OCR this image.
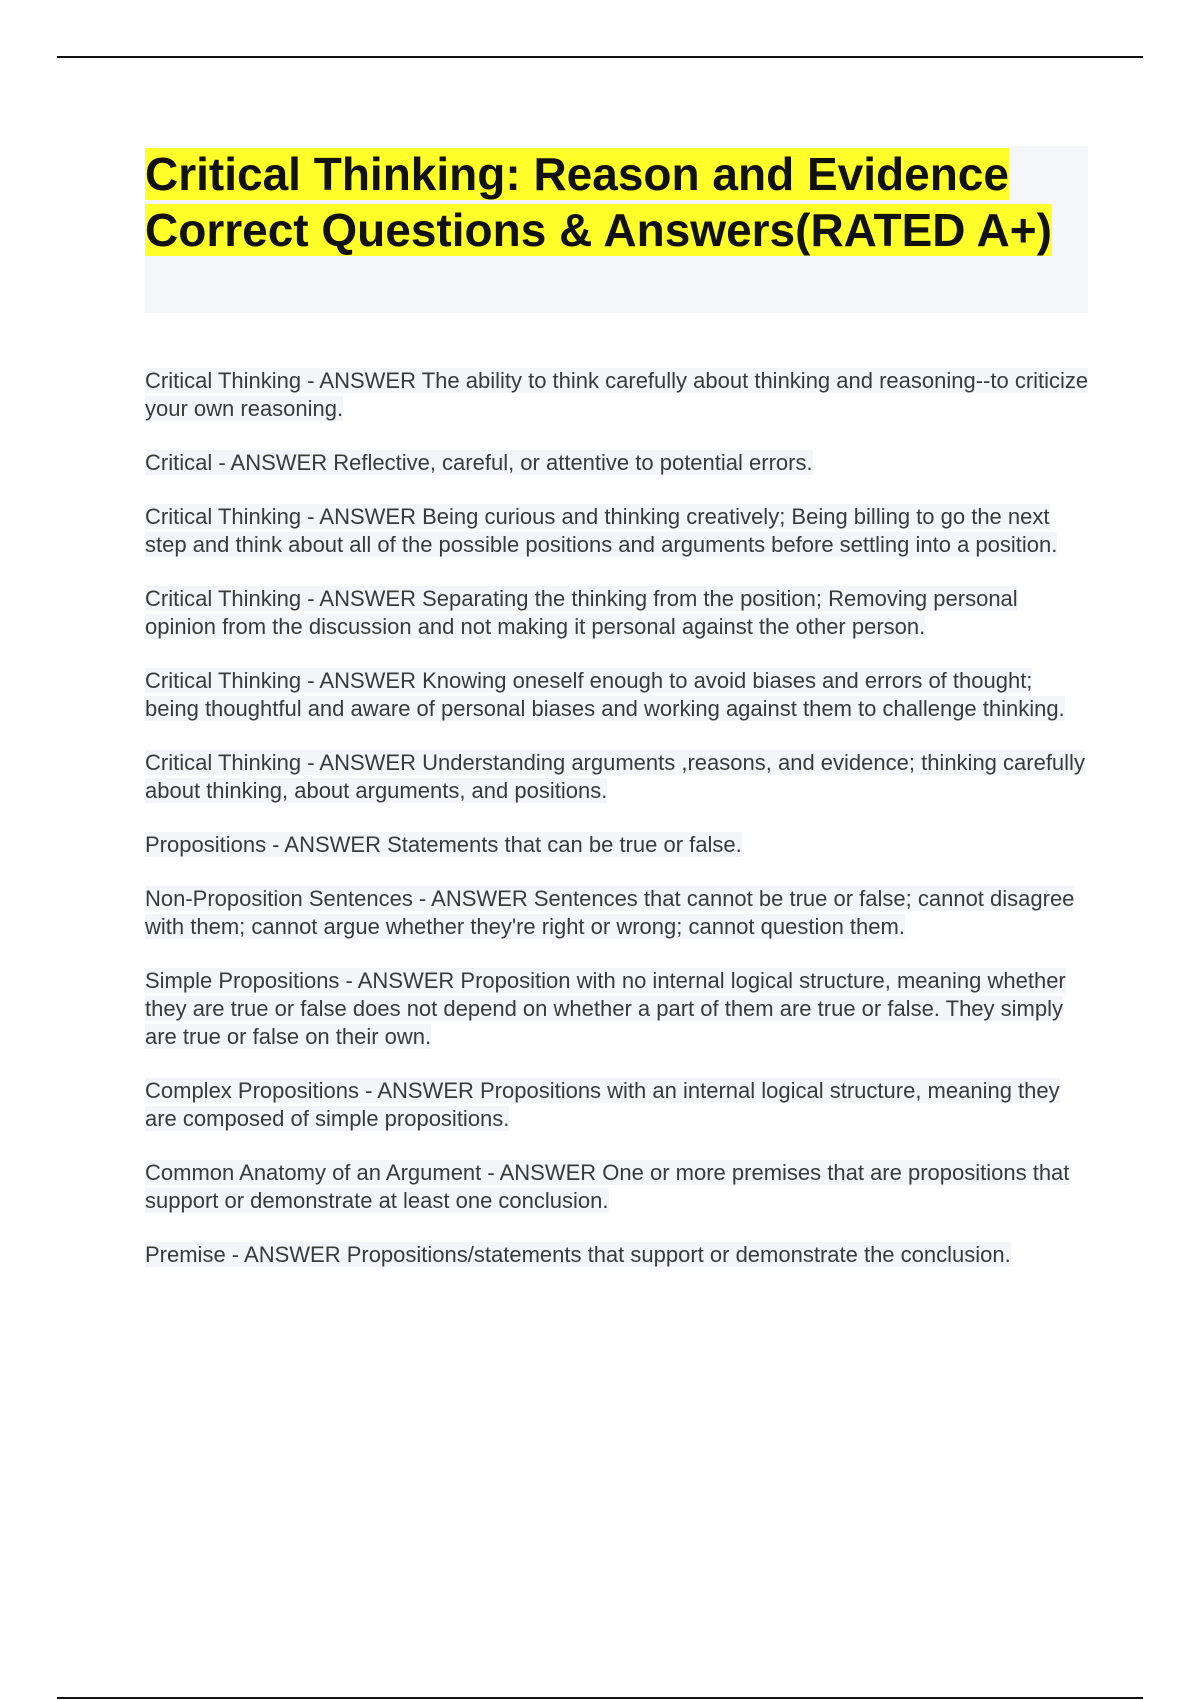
Critical Thinking: Reason and Evidence Correct Questions & Answers(RATED A+)

Critical Thinking - ANSWER The ability to think carefully about thinking and reasoning--to criticize your own reasoning.

Critical - ANSWER Reflective, careful, or attentive to potential errors.

Critical Thinking - ANSWER Being curious and thinking creatively; Being billing to go the next step and think about all of the possible positions and arguments before settling into a position.

Critical Thinking - ANSWER Separating the thinking from the position; Removing personal opinion from the discussion and not making it personal against the other person.

Critical Thinking - ANSWER Knowing oneself enough to avoid biases and errors of thought; being thoughtful and aware of personal biases and working against them to challenge thinking.

Critical Thinking - ANSWER Understanding arguments ,reasons, and evidence; thinking carefully about thinking, about arguments, and positions.

Propositions - ANSWER Statements that can be true or false.

Non-Proposition Sentences - ANSWER Sentences that cannot be true or false; cannot disagree with them; cannot argue whether they're right or wrong; cannot question them.

Simple Propositions - ANSWER Proposition with no internal logical structure, meaning whether they are true or false does not depend on whether a part of them are true or false. They simply are true or false on their own.

Complex Propositions - ANSWER Propositions with an internal logical structure, meaning they are composed of simple propositions.

Common Anatomy of an Argument - ANSWER One or more premises that are propositions that support or demonstrate at least one conclusion.

Premise - ANSWER Propositions/statements that support or demonstrate the conclusion.
